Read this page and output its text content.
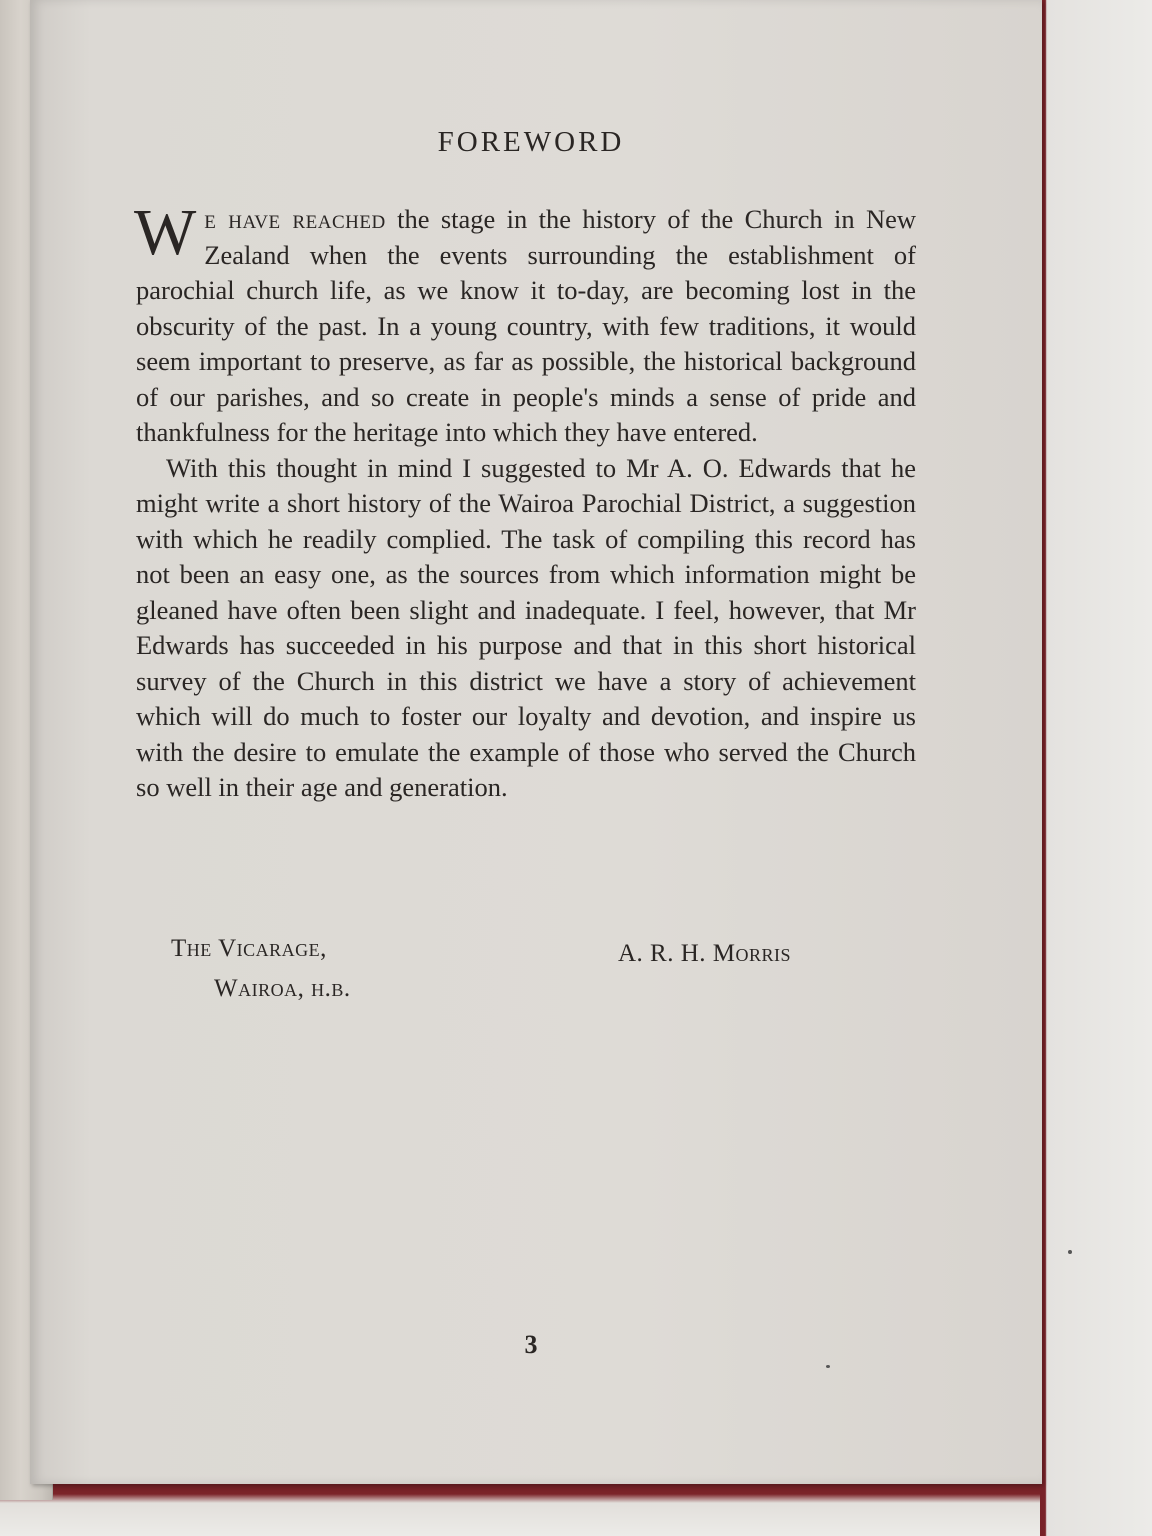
FOREWORD

We have reached the stage in the history of the Church in New Zealand when the events surrounding the establishment of parochial church life, as we know it to-day, are becoming lost in the obscurity of the past. In a young country, with few traditions, it would seem important to preserve, as far as possible, the historical background of our parishes, and so create in people's minds a sense of pride and thankfulness for the heritage into which they have entered.

With this thought in mind I suggested to Mr A. O. Edwards that he might write a short history of the Wairoa Parochial District, a suggestion with which he readily complied. The task of compiling this record has not been an easy one, as the sources from which information might be gleaned have often been slight and inadequate. I feel, however, that Mr Edwards has succeeded in his purpose and that in this short historical survey of the Church in this district we have a story of achievement which will do much to foster our loyalty and devotion, and inspire us with the desire to emulate the example of those who served the Church so well in their age and generation.

The Vicarage,
Wairoa, h.b.
A. R. H. Morris
3
